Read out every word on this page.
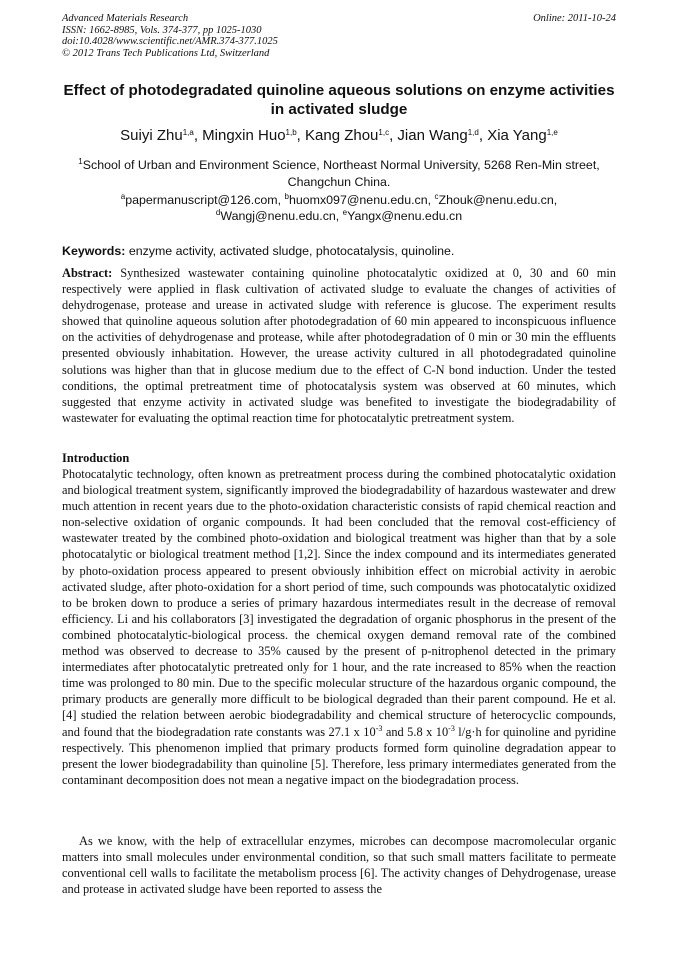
Advanced Materials Research
ISSN: 1662-8985, Vols. 374-377, pp 1025-1030
doi:10.4028/www.scientific.net/AMR.374-377.1025
© 2012 Trans Tech Publications Ltd, Switzerland
Online: 2011-10-24
Effect of photodegradated quinoline aqueous solutions on enzyme activities in activated sludge
Suiyi Zhu$^{1,a}$, Mingxin Huo$^{1,b}$, Kang Zhou$^{1,c}$, Jian Wang$^{1,d}$, Xia Yang$^{1,e}$
$^1$School of Urban and Environment Science, Northeast Normal University, 5268 Ren-Min street, Changchun China.
$^a$papermanuscript@126.com, $^b$huomx097@nenu.edu.cn, $^c$Zhouk@nenu.edu.cn,
$^d$Wangj@nenu.edu.cn, $^e$Yangx@nenu.edu.cn
Keywords: enzyme activity, activated sludge, photocatalysis, quinoline.

Abstract: Synthesized wastewater containing quinoline photocatalytic oxidized at 0, 30 and 60 min respectively were applied in flask cultivation of activated sludge to evaluate the changes of activities of dehydrogenase, protease and urease in activated sludge with reference is glucose. The experiment results showed that quinoline aqueous solution after photodegradation of 60 min appeared to inconspicuous influence on the activities of dehydrogenase and protease, while after photodegradation of 0 min or 30 min the effluents presented obviously inhabitation. However, the urease activity cultured in all photodegradated quinoline solutions was higher than that in glucose medium due to the effect of C-N bond induction. Under the tested conditions, the optimal pretreatment time of photocatalysis system was observed at 60 minutes, which suggested that enzyme activity in activated sludge was benefited to investigate the biodegradability of wastewater for evaluating the optimal reaction time for photocatalytic pretreatment system.

Introduction

Photocatalytic technology, often known as pretreatment process during the combined photocatalytic oxidation and biological treatment system, significantly improved the biodegradability of hazardous wastewater and drew much attention in recent years due to the photo-oxidation characteristic consists of rapid chemical reaction and non-selective oxidation of organic compounds. It had been concluded that the removal cost-efficiency of wastewater treated by the combined photo-oxidation and biological treatment was higher than that by a sole photocatalytic or biological treatment method [1,2]. Since the index compound and its intermediates generated by photo-oxidation process appeared to present obviously inhibition effect on microbial activity in aerobic activated sludge, after photo-oxidation for a short period of time, such compounds was photocatalytic oxidized to be broken down to produce a series of primary hazardous intermediates result in the decrease of removal efficiency. Li and his collaborators [3] investigated the degradation of organic phosphorus in the present of the combined photocatalytic-biological process. the chemical oxygen demand removal rate of the combined method was observed to decrease to 35% caused by the present of p-nitrophenol detected in the primary intermediates after photocatalytic pretreated only for 1 hour, and the rate increased to 85% when the reaction time was prolonged to 80 min. Due to the specific molecular structure of the hazardous organic compound, the primary products are generally more difficult to be biological degraded than their parent compound. He et al. [4] studied the relation between aerobic biodegradability and chemical structure of heterocyclic compounds, and found that the biodegradation rate constants was 27.1 x $10^{-3}$ and 5.8 x $10^{-3}$ l/g·h for quinoline and pyridine respectively. This phenomenon implied that primary products formed form quinoline degradation appear to present the lower biodegradability than quinoline [5]. Therefore, less primary intermediates generated from the contaminant decomposition does not mean a negative impact on the biodegradation process.

As we know, with the help of extracellular enzymes, microbes can decompose macromolecular organic matters into small molecules under environmental condition, so that such small matters facilitate to permeate conventional cell walls to facilitate the metabolism process [6]. The activity changes of Dehydrogenase, urease and protease in activated sludge have been reported to assess the
